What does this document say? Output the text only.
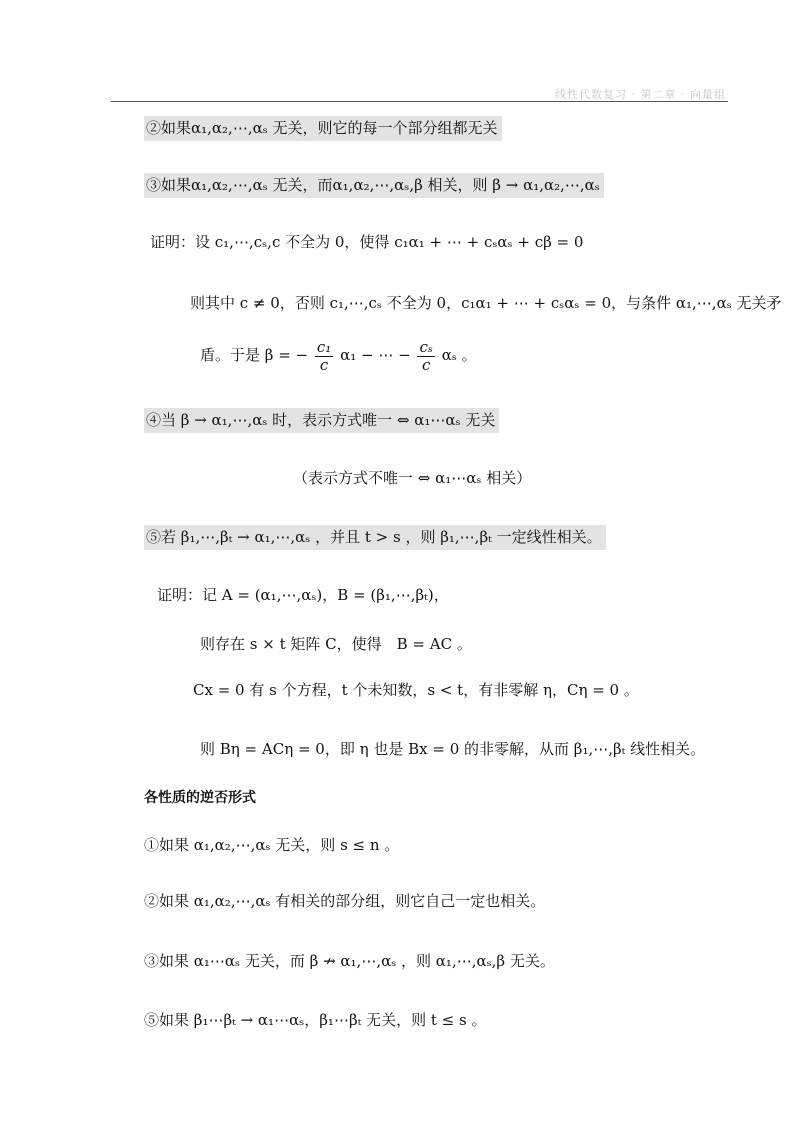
线性代数复习 · 第二章 · 向量组
②如果α₁,α₂,⋯,αₛ 无关，则它的每一个部分组都无关
③如果α₁,α₂,⋯,αₛ 无关，而α₁,α₂,⋯,αₛ,β 相关，则 β → α₁,α₂,⋯,αₛ
证明：设 c₁,⋯,cₛ,c 不全为 0，使得 c₁α₁ + ⋯ + cₛαₛ + cβ = 0
则其中 c ≠ 0，否则 c₁,⋯,cₛ 不全为 0，c₁α₁ + ⋯ + cₛαₛ = 0，与条件 α₁,⋯,αₛ 无关矛
盾。于是 β = − $\frac{\text{c₁}}{c} \alpha_1$ − ⋯ − $\frac{\text{cₛ}}{c}$ αₛ 。
④当 β → α₁,⋯,αₛ 时，表示方式唯一 ⇔ α₁⋯αₛ 无关
（表示方式不唯一 ⇔ α₁⋯αₛ 相关）
⑤若 β₁,⋯,βₜ → α₁,⋯,αₛ ，并且 t > s ，则 β₁,⋯,βₜ 一定线性相关。
证明：记 A = (α₁,⋯,αₛ)，B = (β₁,⋯,βₜ)，
则存在 s × t 矩阵 C，使得　B = AC 。
Cx = 0 有 s 个方程，t 个未知数，s < t，有非零解 η，Cη = 0 。
则 Bη = ACη = 0，即 η 也是 Bx = 0 的非零解，从而 β₁,⋯,βₜ 线性相关。
各性质的逆否形式
①如果 α₁,α₂,⋯,αₛ 无关，则 s ≤ n 。
②如果 α₁,α₂,⋯,αₛ 有相关的部分组，则它自己一定也相关。
③如果 α₁⋯αₛ 无关，而 β ↛ α₁,⋯,αₛ ，则 α₁,⋯,αₛ,β 无关。
⑤如果 β₁⋯βₜ → α₁⋯αₛ，β₁⋯βₜ 无关，则 t ≤ s 。
